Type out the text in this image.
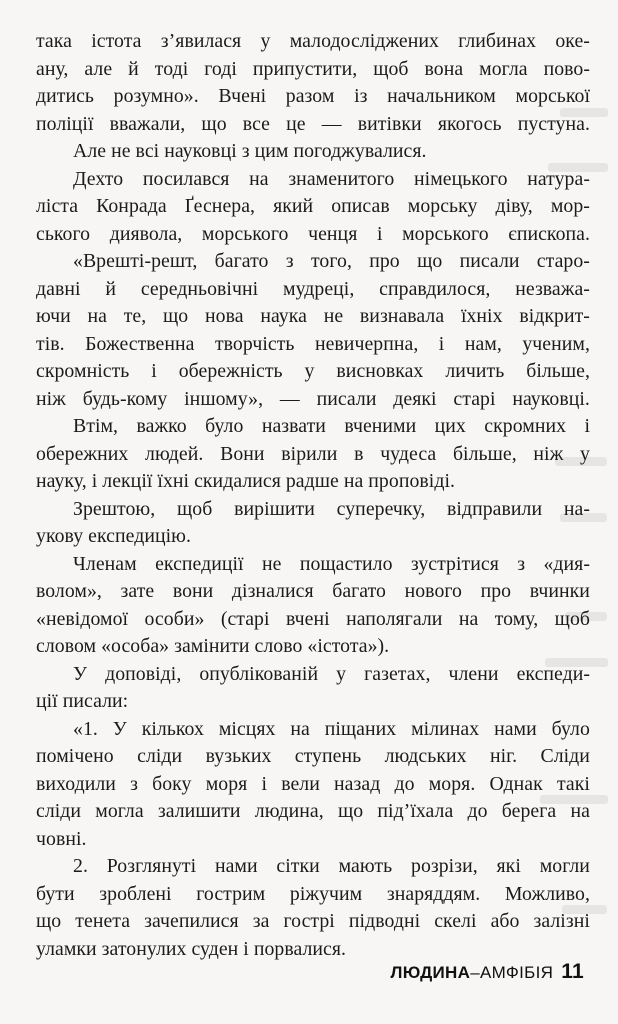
така істота з’явилася у малодосліджених глибинах оке-
ану, але й тоді годі припустити, щоб вона могла пово-
дитись розумно». Вчені разом із начальником морської
поліції вважали, що все це — витівки якогось пустуна.
Але не всі науковці з цим погоджувалися.
Дехто посилався на знаменитого німецького натура-
ліста Конрада Ґеснера, який описав морську діву, мор-
ського диявола, морського ченця і морського єпископа.
«Врешті-решт, багато з того, про що писали старо-
давні й середньовічні мудреці, справдилося, незважа-
ючи на те, що нова наука не визнавала їхніх відкрит-
тів. Божественна творчість невичерпна, і нам, ученим,
скромність і обережність у висновках личить більше,
ніж будь-кому іншому», — писали деякі старі науковці.
Втім, важко було назвати вченими цих скромних і
обережних людей. Вони вірили в чудеса більше, ніж у
науку, і лекції їхні скидалися радше на проповіді.
Зрештою, щоб вирішити суперечку, відправили на-
укову експедицію.
Членам експедиції не пощастило зустрітися з «дия-
волом», зате вони дізналися багато нового про вчинки
«невідомої особи» (старі вчені наполягали на тому, щоб
словом «особа» замінити слово «істота»).
У доповіді, опублікованій у газетах, члени експеди-
ції писали:
«1. У кількох місцях на піщаних мілинах нами було
помічено сліди вузьких ступень людських ніг. Сліди
виходили з боку моря і вели назад до моря. Однак такі
сліди могла залишити людина, що під’їхала до берега на
човні.
2. Розглянуті нами сітки мають розрізи, які могли
бути зроблені гострим ріжучим знаряддям. Можливо,
що тенета зачепилися за гострі підводні скелі або залізні
уламки затонулих суден і порвалися.
ЛЮДИНА–АМФІБІЯ 11
